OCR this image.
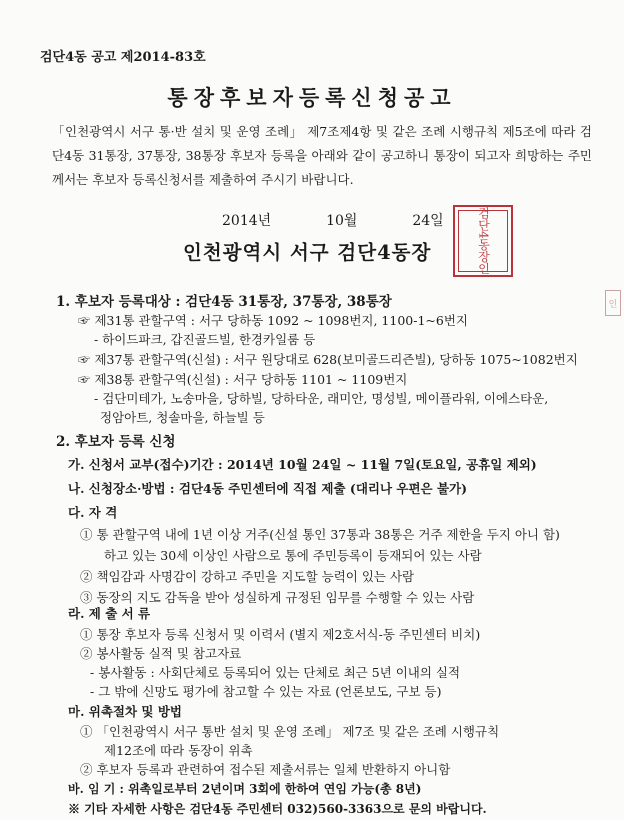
검단4동 공고 제2014-83호
통장후보자등록신청공고
「인천광역시 서구 통·반 설치 및 운영 조례」 제7조제4항 및 같은 조례 시행규칙 제5조에 따라 검단4동 31통장, 37통장, 38통장 후보자 등록을 아래와 같이 공고하니 통장이 되고자 희망하는 주민께서는 후보자 등록신청서를 제출하여 주시기 바랍니다.
2014년	10월	24일
인천광역시 서구 검단4동장	검단4동장인
인
1. 후보자 등록대상 : 검단4동 31통장, 37통장, 38통장
☞ 제31통 관할구역 : 서구 당하동 1092 ~ 1098번지, 1100-1~6번지
- 하이드파크, 갑진골드빌, 한경카일룸 등
☞ 제37통 관할구역(신설) : 서구 원당대로 628(보미골드리즌빌), 당하동 1075~1082번지
☞ 제38통 관할구역(신설) : 서구 당하동 1101 ~ 1109번지
- 검단미테가, 노송마을, 당하빌, 당하타운, 래미안, 명성빌, 메이플라워, 이에스타운,
정암아트, 청솔마을, 하늘빌 등
2. 후보자 등록 신청
가. 신청서 교부(접수)기간 : 2014년 10월 24일 ~ 11월 7일(토요일, 공휴일 제외)
나. 신청장소·방법 : 검단4동 주민센터에 직접 제출 (대리나 우편은 불가)
다. 자 격
① 통 관할구역 내에 1년 이상 거주(신설 통인 37통과 38통은 거주 제한을 두지 아니 함)
하고 있는 30세 이상인 사람으로 통에 주민등록이 등재되어 있는 사람
② 책임감과 사명감이 강하고 주민을 지도할 능력이 있는 사람
③ 동장의 지도 감독을 받아 성실하게 규정된 임무를 수행할 수 있는 사람
라. 제 출 서 류
① 통장 후보자 등록 신청서 및 이력서 (별지 제2호서식-동 주민센터 비치)
② 봉사활동 실적 및 참고자료
- 봉사활동 : 사회단체로 등록되어 있는 단체로 최근 5년 이내의 실적
- 그 밖에 신망도 평가에 참고할 수 있는 자료 (언론보도, 구보 등)
마. 위촉절차 및 방법
① 「인천광역시 서구 통반 설치 및 운영 조례」 제7조 및 같은 조례 시행규칙
제12조에 따라 동장이 위촉
② 후보자 등록과 관련하여 접수된 제출서류는 일체 반환하지 아니함
바. 임 기 : 위촉일로부터 2년이며 3회에 한하여 연임 가능(총 8년)
※ 기타 자세한 사항은 검단4동 주민센터 032)560-3363으로 문의 바랍니다.
